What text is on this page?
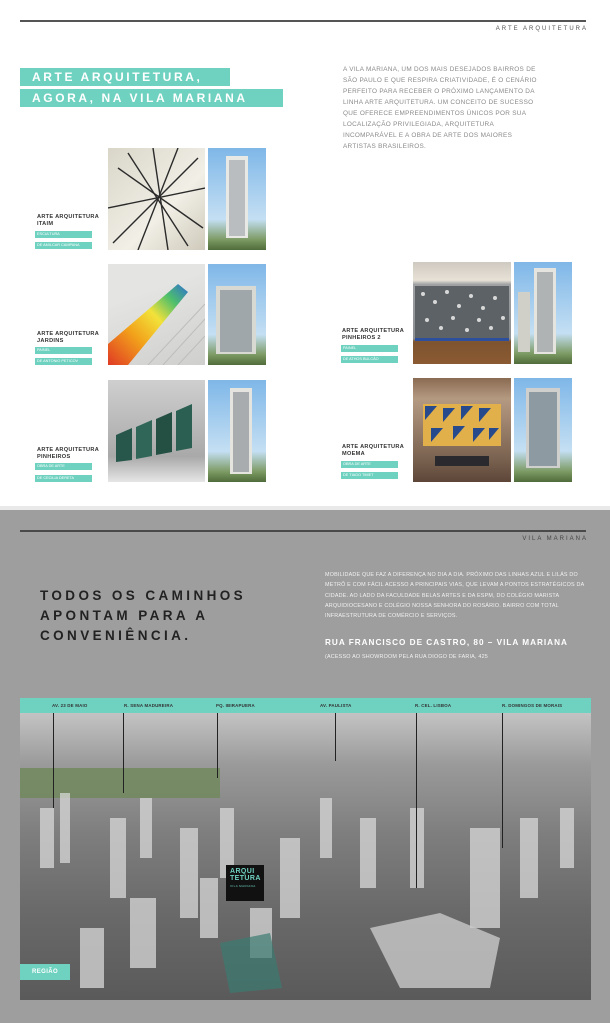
ARTE ARQUITETURA
ARTE ARQUITETURA,
AGORA, NA VILA MARIANA
A VILA MARIANA, UM DOS MAIS DESEJADOS BAIRROS DE SÃO PAULO E QUE RESPIRA CRIATIVIDADE, É O CENÁRIO PERFEITO PARA RECEBER O PRÓXIMO LANÇAMENTO DA LINHA ARTE ARQUITETURA. UM CONCEITO DE SUCESSO QUE OFERECE EMPREENDIMENTOS ÚNICOS POR SUA LOCALIZAÇÃO PRIVILEGIADA, ARQUITETURA INCOMPARÁVEL E A OBRA DE ARTE DOS MAIORES ARTISTAS BRASILEIROS.
ARTE ARQUITETURA ITAIM
ESCULTURA
DE AMILCAR CAMPANA
ARTE ARQUITETURA JARDINS
PAINEL
DE ANTONIO PETICOV
ARTE ARQUITETURA PINHEIROS
OBRA DE ARTE
DE CECILIA DERETA
ARTE ARQUITETURA PINHEIROS 2
PAINEL
DE ATHOS BULCÃO
ARTE ARQUITETURA MOEMA
OBRA DE ARTE
DE TIAGO TIMET
VILA MARIANA
TODOS OS CAMINHOS
APONTAM PARA A
CONVENIÊNCIA.
MOBILIDADE QUE FAZ A DIFERENÇA NO DIA A DIA. PRÓXIMO DAS LINHAS AZUL E LILÁS DO METRÔ E COM FÁCIL ACESSO A PRINCIPAIS VIAS, QUE LEVAM A PONTOS ESTRATÉGICOS DA CIDADE. AO LADO DA FACULDADE BELAS ARTES E DA ESPM, DO COLÉGIO MARISTA ARQUIDIOCESANO E COLÉGIO NOSSA SENHORA DO ROSÁRIO. BAIRRO COM TOTAL INFRAESTRUTURA DE COMÉRCIO E SERVIÇOS.
RUA FRANCISCO DE CASTRO, 80 – VILA MARIANA
(ACESSO AO SHOWROOM PELA RUA DIOGO DE FARIA, 425
AV. 23 DE MAIO	R. SENA MADUREIRA	PQ. IBIRAPUERA	AV. PAULISTA	R. CEL. LISBOA	R. DOMINGOS DE MORAIS
ARQUI TETURA
VILA MARIANA
REGIÃO
